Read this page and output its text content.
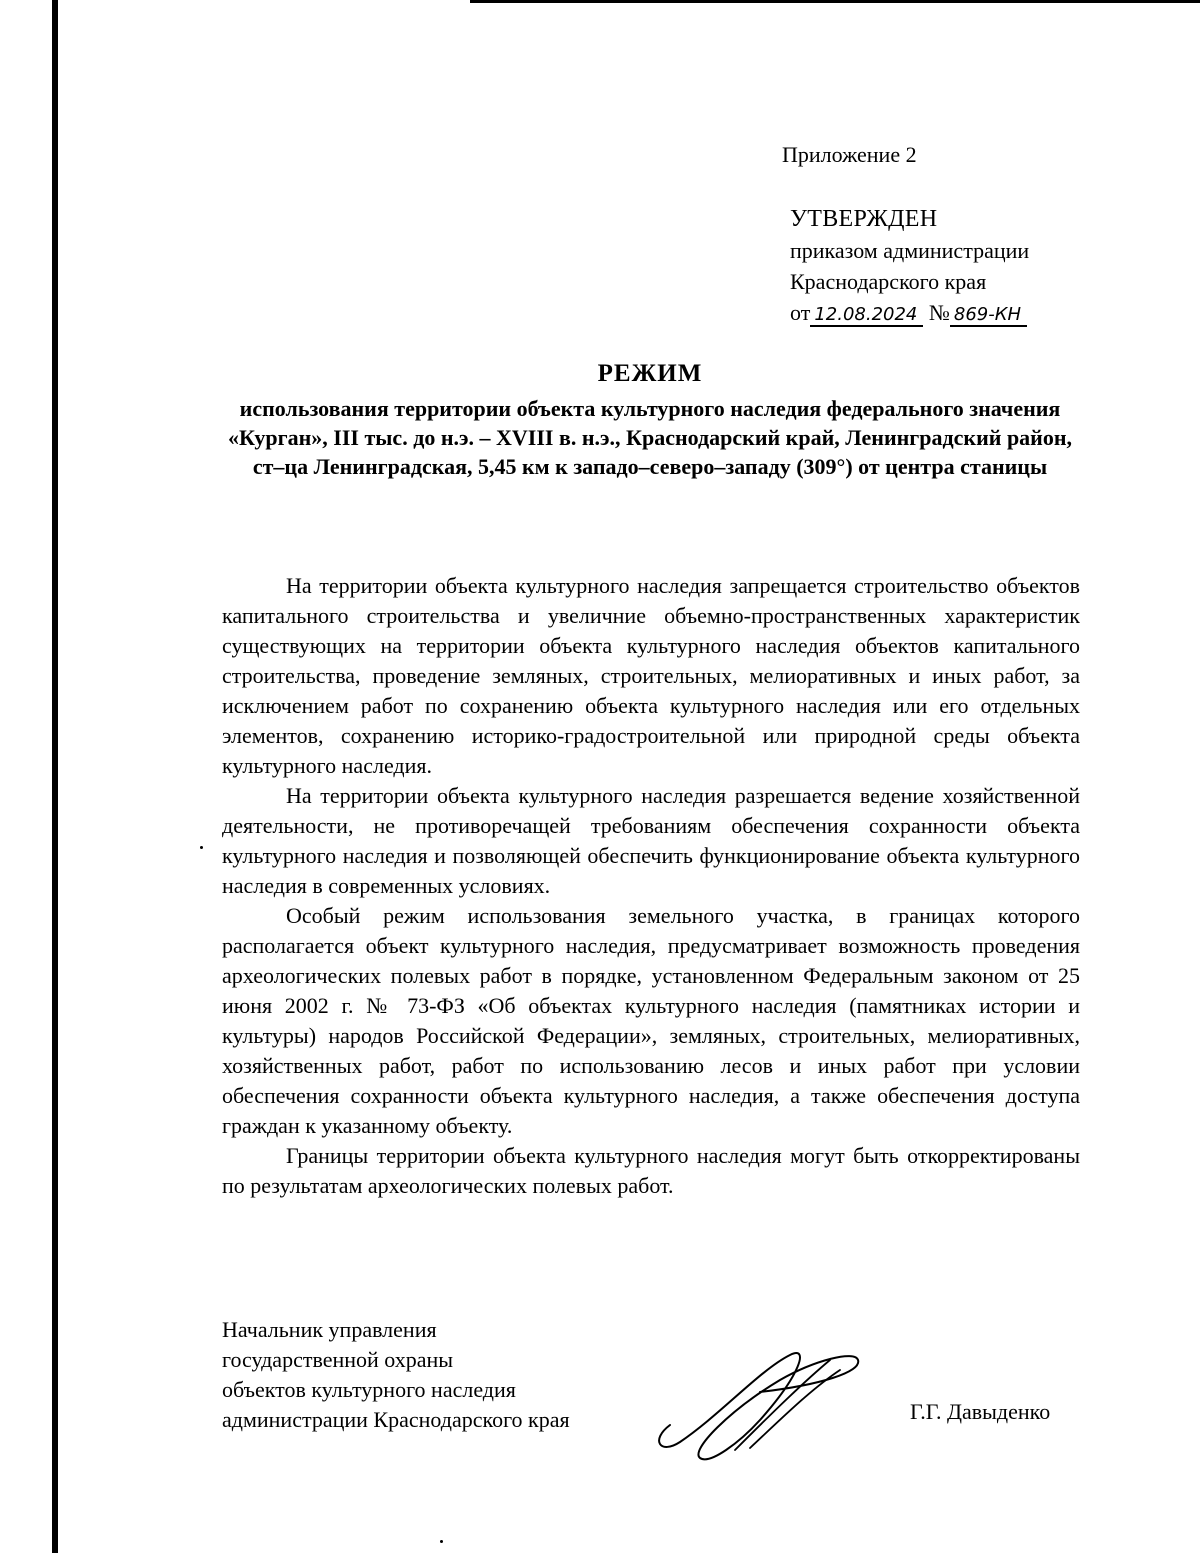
Приложение 2
УТВЕРЖДЕН
приказом администрации
Краснодарского края
от 12.08.2024 № 869-КН
РЕЖИМ
использования территории объекта культурного наследия федерального значения «Курган», III тыс. до н.э. – XVIII в. н.э., Краснодарский край, Ленинградский район, ст–ца Ленинградская, 5,45 км к западо–северо–западу (309°) от центра станицы

На территории объекта культурного наследия запрещается строительство объектов капитального строительства и увеличние объемно-пространственных характеристик существующих на территории объекта культурного наследия объектов капитального строительства, проведение земляных, строительных, мелиоративных и иных работ, за исключением работ по сохранению объекта культурного наследия или его отдельных элементов, сохранению историко-градостроительной или природной среды объекта культурного наследия.

На территории объекта культурного наследия разрешается ведение хозяйственной деятельности, не противоречащей требованиям обеспечения сохранности объекта культурного наследия и позволяющей обеспечить функционирование объекта культурного наследия в современных условиях.

Особый режим использования земельного участка, в границах которого располагается объект культурного наследия, предусматривает возможность проведения археологических полевых работ в порядке, установленном Федеральным законом от 25 июня 2002 г. № 73-ФЗ «Об объектах культурного наследия (памятниках истории и культуры) народов Российской Федерации», земляных, строительных, мелиоративных, хозяйственных работ, работ по использованию лесов и иных работ при условии обеспечения сохранности объекта культурного наследия, а также обеспечения доступа граждан к указанному объекту.

Границы территории объекта культурного наследия могут быть откорректированы по результатам археологических полевых работ.

Начальник управления
государственной охраны
объектов культурного наследия
администрации Краснодарского края	Г.Г. Давыденко
